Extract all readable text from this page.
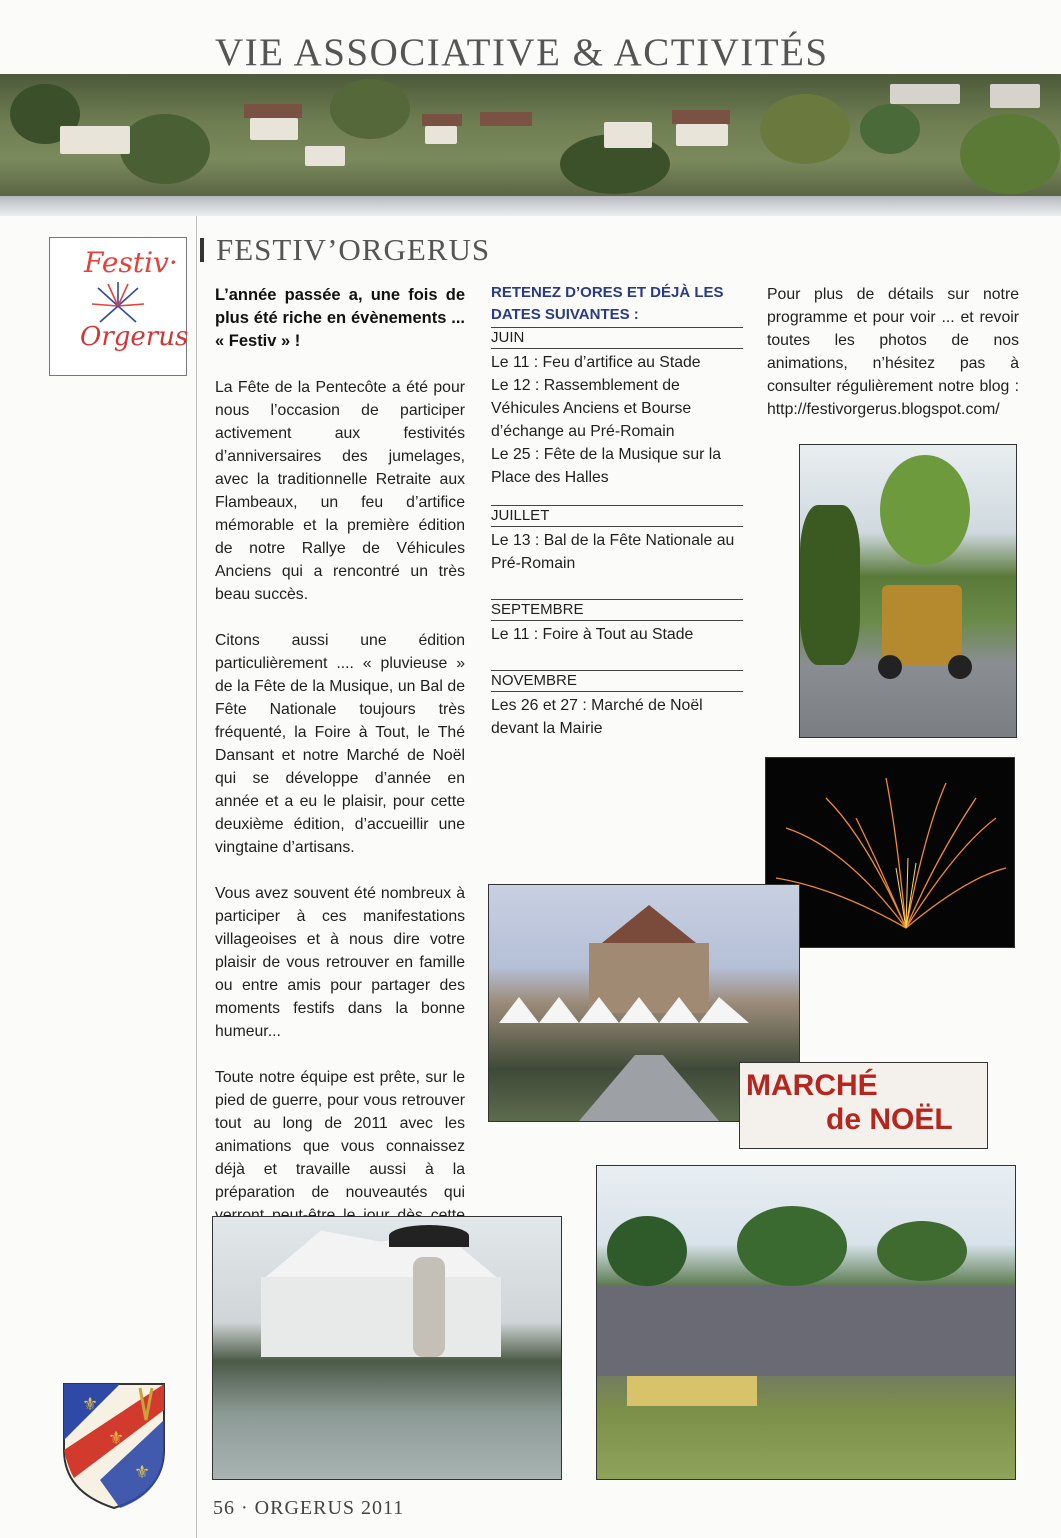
VIE ASSOCIATIVE & ACTIVITÉS
Festiv·
Orgerus
FESTIV’ORGERUS

L’année passée a, une fois de plus été riche en évènements ... « Festiv » !

La Fête de la Pentecôte a été pour nous l’occasion de participer activement aux festivités d’anniversaires des jumelages, avec la traditionnelle Retraite aux Flambeaux, un feu d’artifice mémorable et la première édition de notre Rallye de Véhicules Anciens qui a rencontré un très beau succès.

Citons aussi une édition particulièrement .... « pluvieuse » de la Fête de la Musique, un Bal de Fête Nationale toujours très fréquenté, la Foire à Tout, le Thé Dansant et notre Marché de Noël qui se développe d’année en année et a eu le plaisir, pour cette deuxième édition, d’accueillir une vingtaine d’artisans.

Vous avez souvent été nombreux à participer à ces manifestations villageoises et à nous dire votre plaisir de vous retrouver en famille ou entre amis pour partager des moments festifs dans la bonne humeur...

Toute notre équipe est prête, sur le pied de guerre, pour vous retrouver tout au long de 2011 avec les animations que vous connaissez déjà et travaille aussi à la préparation de nouveautés qui

RETENEZ D’ORES ET DÉJÀ LES DATES SUIVANTES :
JUIN

Le 11 : Feu d’artifice au Stade

Le 12 : Rassemblement de Véhicules Anciens et Bourse d’échange au Pré-Romain

Le 25 : Fête de la Musique sur la Place des Halles

JUILLET

Le 13 : Bal de la Fête Nationale au Pré-Romain

SEPTEMBRE

Le 11 : Foire à Tout au Stade

NOVEMBRE

Les 26 et 27 : Marché de Noël devant la Mairie

Pour plus de détails sur notre programme et pour voir ... et revoir toutes les photos de nos animations, n’hésitez pas à consulter régulièrement notre blog : http://festivorgerus.blogspot.com/
MARCHÉ
de NOËL
⚜
⚜
⚜
56 · ORGERUS 2011
